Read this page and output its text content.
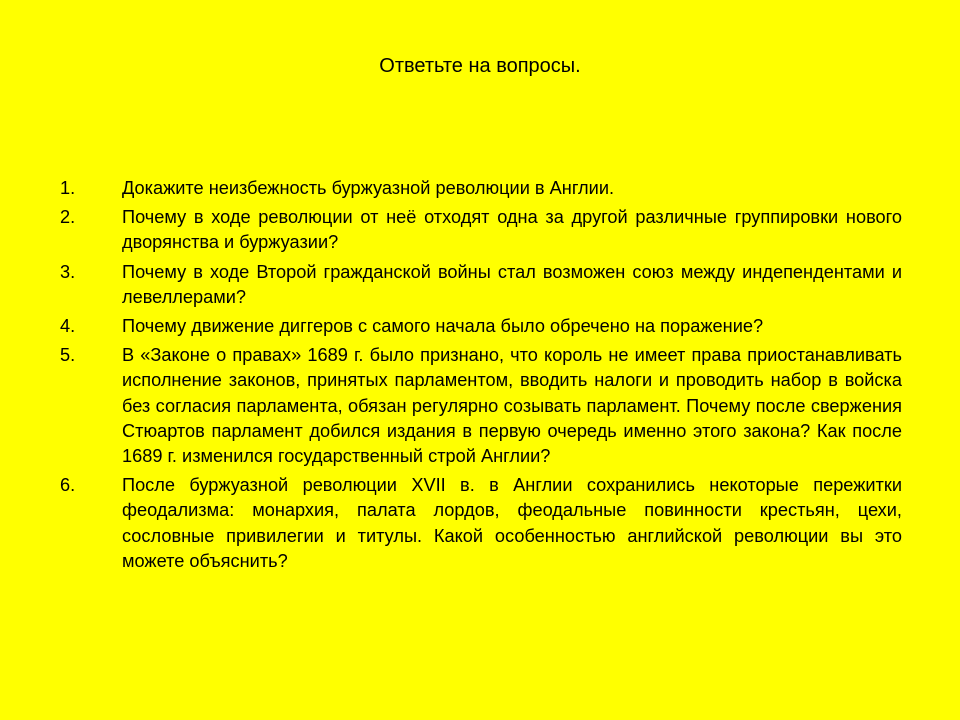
Ответьте на вопросы.
1.	Докажите неизбежность буржуазной революции в Англии.
2.	Почему в ходе революции от неё отходят одна за другой различные группировки нового дворянства и буржуазии?
3.	Почему в ходе Второй гражданской войны стал возможен союз между индепендентами и левеллерами?
4.	Почему движение диггеров с самого начала было обречено на поражение?
5.	В «Законе о правах» 1689 г. было признано, что король не имеет права приостанавливать исполнение законов, принятых парламентом, вводить налоги и проводить набор в войска без согласия парламента, обязан регулярно созывать парламент. Почему после свержения Стюартов парламент добился издания в первую очередь именно этого закона? Как после 1689 г. изменился государственный строй Англии?
6.	После буржуазной революции XVII в. в Англии сохранились некоторые пережитки феодализма: монархия, палата лордов, феодальные повинности крестьян, цехи, сословные привилегии и титулы. Какой особенностью английской революции вы это можете объяснить?
